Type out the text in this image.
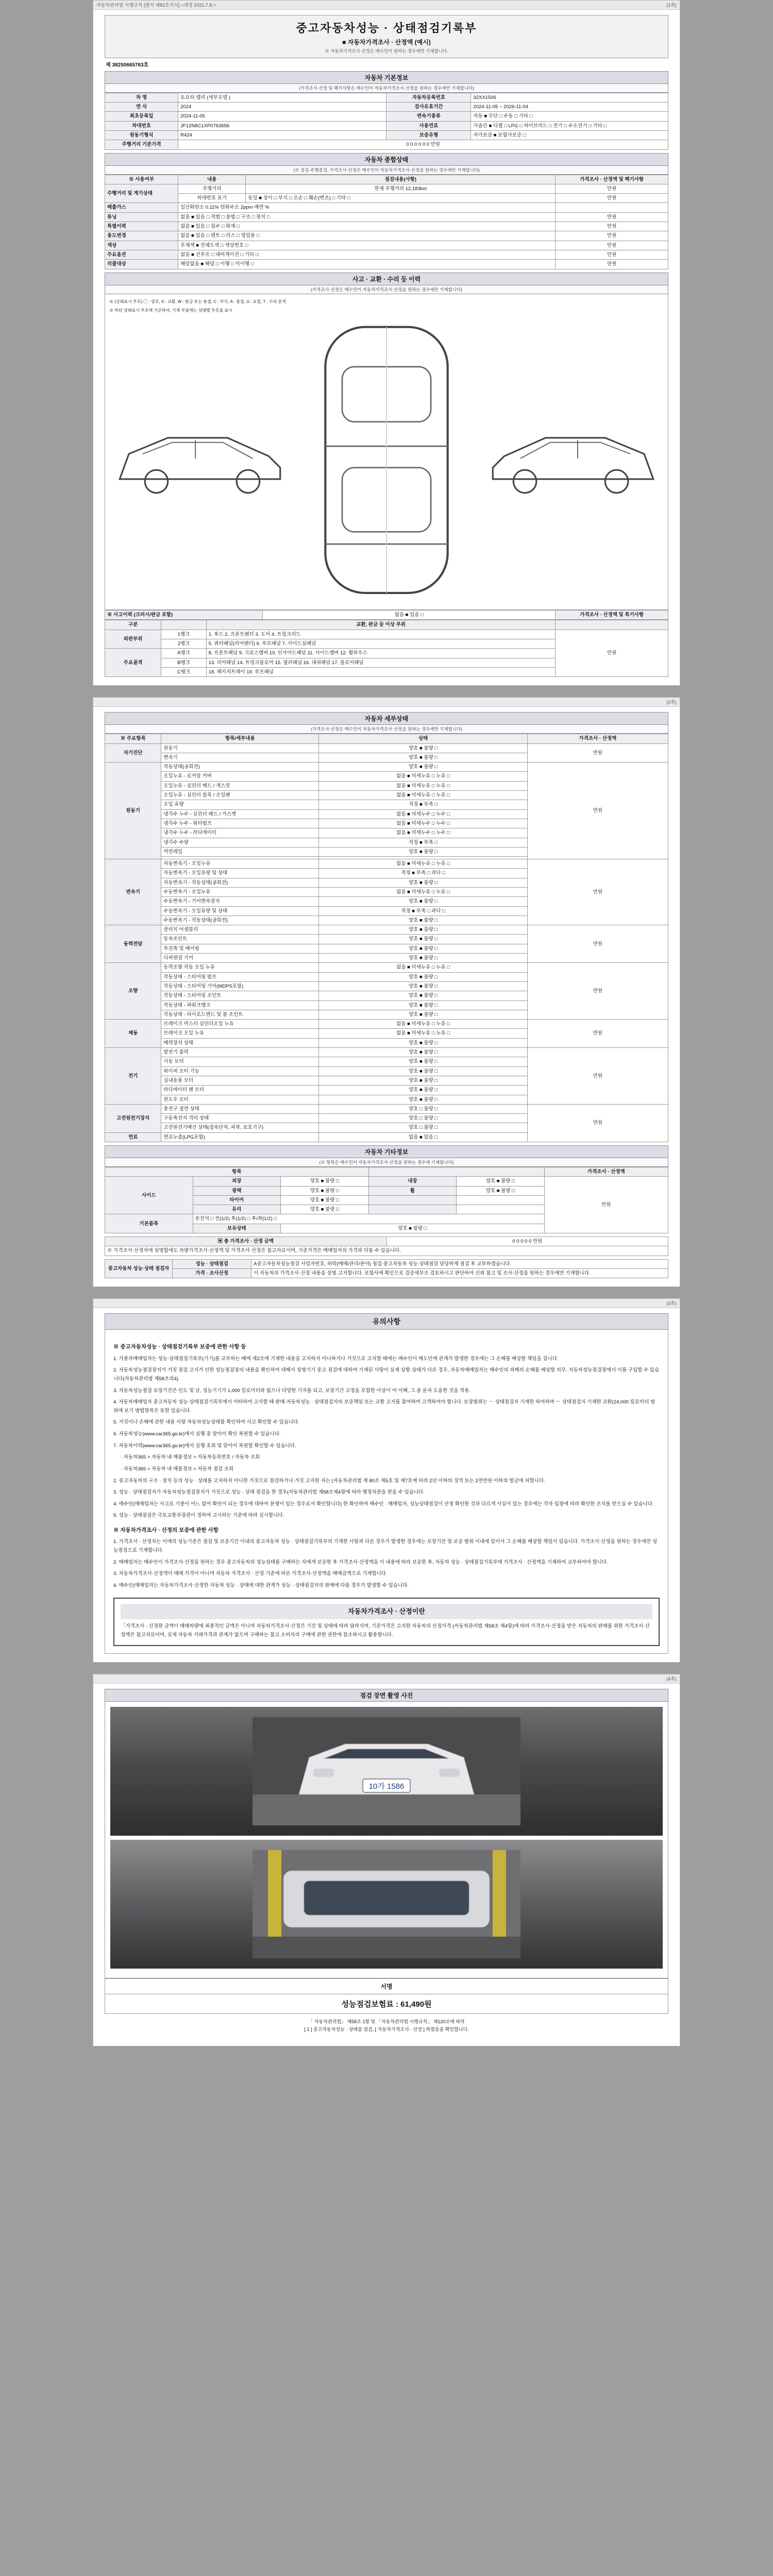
자동차관리법 시행규칙 [별지 제82호서식] <개정 2021.7.8.>	(1쪽)
중고자동차성능 · 상태점검기록부
■ 자동차가격조사 · 산정액 (예시)
※ 자동차가격조사·산정은 매수인이 원하는 경우에만 기재합니다.
제 38250665763호
자동차 기본정보
(가격조사·산정 및 펙기사항은 매수인이 자동차가격조사·산정을 원하는 경우에만 기재합니다)
차 명	토요타 캠리 (세부모델 )	자동차등록번호	32XX1506
연 식	2024	검사유효기간	2024-11-05 ~ 2026-11-04
최초등록일	2024-11-05	변속기종류	자동 ■ 무단 □ 수동 □ 기타 □
차대번호	JF12N8C1XP0763656	사용연료	가솔린 ■ 디젤 □ LPG □ 하이브리드 □ 전기 □ 수소전기 □ 기타 □
원동기형식	R424	보증유형	자가보증 ■ 보험사보증 □
주행거리 기준가격	0 0 0 0 0 0 만원		
자동차 종합상태
(※ 점검·주행출검, 가격조사·산정은 매수인이 자동차가격조사·산정을 원하는 경우에만 기재합니다)
※ 사용여부	내용	점검내용(사항)	가격조사 · 산정액 및 펙기사항
주행거리 및 계기상태	주행거리	현재 주행거리 12,183km	만원
	차대번호 표기	동일 ■ 상이 □ 부식 □ 오손 □ 훼손(변조) □ 기타 □	만원
배출가스	일산화탄소 0.11% 탄화수소 2ppm 매연 %		
튜닝	없음 ■ 있음 □ 적법 □ 불법 □ 구조 □ 장치 □		만원
특별이력	없음 ■ 있음 □ 침수 □ 화재 □		만원
용도변경	없음 ■ 있음 □ 렌트 □ 리스 □ 영업용 □		만원
색상	무채색 ■ 전체도색 □ 색상번호 □		만원
주요옵션	없음 ■ 선루프 □ 내비게이션 □ 기타 □		만원
리콜대상	해당없음 ■ 해당 □ 이행 □ 미이행 □		만원
사고 · 교환 · 수리 등 이력
(가격조사·산정은 매수인이 자동차가격조사·산정을 원하는 경우에만 기재합니다)
※ (상태표시 부호) ◯ : 양호, X : 교환, W : 판금 또는 용접, C : 부식, A : 흠집, U : 요철, T : 수리 흔적
※ 하단 상태표시 부호에 기준하여, 기재 부품에는 상태별 부호를 표시
※ 사고이력 (크러시/판금 포함)	없음 ■ 있음 □	가격조사 · 산정액 및 특기사항
구분		교환, 판금 등 이상 부위	
외판부위	1랭크	1. 후드 2. 프론트펜더 3. 도어 4. 트렁크리드	만원
	2랭크	5. 쿼터패널(리어펜더) 6. 루프패널 7. 사이드실패널	
주요골격	A랭크	8. 프론트패널 9. 크로스멤버 10. 인사이드패널 11. 사이드멤버 12. 휠하우스	
	B랭크	13. 리어패널 14. 트렁크플로어 15. 필러패널 16. 대쉬패널 17. 플로어패널	
	C랭크	18. 패키지트레이 19. 루프패널	
(2쪽)
자동차 세부상태
(가격조사·산정은 매수인이 자동차가격조사·산정을 원하는 경우에만 기재합니다)
※ 주요항목	항목/세부내용	상태	가격조사 · 산정액
자기진단	원동기	양호 ■ 불량 □	만원
	변속기	양호 ■ 불량 □	
원동기	작동상태(공회전)	양호 ■ 불량 □	만원
	오일누유 - 로커암 커버	없음 ■ 미세누유 □ 누유 □	
	오일누유 - 실린더 헤드 / 개스킷	없음 ■ 미세누유 □ 누유 □	
	오일누유 - 실린더 블록 / 오일팬	없음 ■ 미세누유 □ 누유 □	
	오일 유량	적정 ■ 부족 □	
	냉각수 누수 - 실린더 헤드 / 가스켓	없음 ■ 미세누수 □ 누수 □	
	냉각수 누수 - 워터펌프	없음 ■ 미세누수 □ 누수 □	
	냉각수 누수 - 라디에이터	없음 ■ 미세누수 □ 누수 □	
	냉각수 수량	적정 ■ 부족 □	
	커먼레일	양호 ■ 불량 □	

변속기	자동변속기 - 오일누유	없음 ■ 미세누유 □ 누유 □	만원
	자동변속기 - 오일유량 및 상태	적정 ■ 부족 □ 과다 □	
	자동변속기 - 작동상태(공회전)	양호 ■ 불량 □	
	수동변속기 - 오일누유	없음 ■ 미세누유 □ 누유 □	
	수동변속기 - 기어변속장치	양호 ■ 불량 □	
	수동변속기 - 오일유량 및 상태	적정 ■ 부족 □ 과다 □	
	수동변속기 - 작동상태(공회전)	양호 ■ 불량 □	
동력전달	클러치 어셈블리	양호 ■ 불량 □	만원
	등속조인트	양호 ■ 불량 □	
	추진축 및 베어링	양호 ■ 불량 □	
	디퍼렌셜 기어	양호 ■ 불량 □	
조향	동력조향 작동 오일 누유	없음 ■ 미세누유 □ 누유 □	만원
	작동상태 - 스티어링 펌프	양호 ■ 불량 □	
	작동상태 - 스티어링 기어(MDPS포함)	양호 ■ 불량 □	
	작동상태 - 스티어링 조인트	양호 ■ 불량 □	
	작동상태 - 파워크랭크	양호 ■ 불량 □	
	작동상태 - 타이로드엔드 및 볼 조인트	양호 ■ 불량 □	
제동	브레이크 마스터 실린더오일 누유	없음 ■ 미세누유 □ 누유 □	만원
	브레이크 오일 누유	없음 ■ 미세누유 □ 누유 □	
	배력장치 상태	양호 ■ 불량 □	
전기	발전기 출력	양호 ■ 불량 □	만원
	시동 모터	양호 ■ 불량 □	
	와이퍼 모터 기능	양호 ■ 불량 □	
	실내송풍 모터	양호 ■ 불량 □	
	라디에이터 팬 모터	양호 ■ 불량 □	
	윈도우 모터	양호 ■ 불량 □	
고전원전기장치	충전구 절연 상태	양호 □ 불량 □	만원
	구동축전지 격리 상태	양호 □ 불량 □	
	고전원전기배선 상태(접속단자, 피복, 보호기구)	양호 □ 불량 □	
연료	연료누출(LPG포함)	없음 ■ 있음 □	
자동차 기타정보
(※ 항목은 매수인이 자동차가격조사·산정을 원하는 경우에 기재합니다)
항목					가격조사 · 산정액
사이드	외장	양호 ■ 불량 □	내장	양호 ■ 불량 □	만원
	광택	양호 ■ 불량 □	휠	양호 ■ 불량 □	
	타이어	양호 ■ 불량 □			
	유리	양호 ■ 불량 □			
기본품목	운전석 □ 전(1/2) 후(1/2) □ 후/좌(1/2) □				
	보유상태	양호 ■ 불량 □			
▣ 총 가격조사 · 산정 금액	0 0 0 0 0 만원
※ 가격조사·산정자에 설명함에도 차량가격조사·산정액 및 가격조사·산정은 참고자료이며, 기준가격은 매매업자의 가격과 다를 수 있습니다.
중고자동차 성능·상태 점검자	성능 · 상태점검	A중고자동차성능점검 사업자번호, 허락(매매/관리/분야) 점검 중고자동차 성능·상태점검 담당하게 점검 후 교부하겠습니다.
	가격 · 조사산정	이 자동차의 가격조사·산정 내용을 설명·고지합니다. 보험사에 확인으로 검증세부조 검토하시고 판단하여 신뢰 참고 및 조사·산정을 원하는 경우에만 기재합니다.
(3쪽)
유의사항
※ 중고자동차성능 · 상태점검기록부 보증에 관한 사항 등

1. 가종자매매업자는 성능·상태점검기록부(기기)를 교부하는 때에 제2조에 기재한 내용을 고지하지 아니하거나 거짓으로 고지할 때에는 매수인이 매도인에 관계가 발생한 경우에는 그 손해를 배상할 책임을 집니다.

2. 자동차성능점검장치가 거짓 점검 고지가 인한 성능점검장의 내용을 확인하여 대해서 설명기기 중고 점검에 대하여 기재된 사항이 실제 상황·상태가 다른 경우, 자동차매매업자는 매수인의 피해의 손해를 배상할 의무. 자동차성능점검장에서 이를 구입할 수 있습니다(자동차관리법 제58조의4).

3. 자동차성능점검 보장기간은 인도 및 날, 성능기기가 1,000 킬로미터와 없으나 다양한 기지를 되고, 보장기간 고정을 포함한 이상이 어 이해, 그 중 문자 도움한 것을 적용.

4. 자동차매매업자 중고자동차 성능·상태점검기록부에서 어떠하여 고지할 때 판매·자동차성능 · 상태점검자의 보증책임 또는 교환 고지를 참여하여 고객하여야 합니다. 보장범위는 ～ 상태점검자 기재한 하여하며 ～ 상태점검자 기재한 교환(24,000 킬로미터 범위에 보기 범법항목은 또한 있습니다.

5. 거짓이나 손해에 관한 내용 사항 자동차성능상태를 확인하여 사고 확인할 수 있습니다.

6. 자동차성능(www.car365.go.kr)에서 실행 중 알아이 확인 복원할 수 있습니다.

7. 자동차이력(www.car365.go.kr)에서 실행 초회 및 알아이 복원할 확인할 수 있습니다.

· 자동차365 > 자동차 내 매물정보 > 자동차등록번호 / 자동차 조회

· 자동차365 > 자동차 내 매물정보 > 자동차 점검 조회

2. 중고자동차의 구조 · 장치 등의 성능 · 상태를 고지하지 아니한 거짓으로 점검하거나 거짓 고지한 자는 (자동차관리법 제 80조 제5호 및 제7호에 따라 2년 이하의 징역 또는 2천만원 이하의 벌금에 처합니다.

3. 성능 · 상태점검자가 자동차성능점검장치가 거짓으로 성능 · 상태 점검을 한 경우(자동차관리법 제58조제4항에 따라 행정처분을 받을 수 있습니다.

4. 매수인(매매업자는 사고로 기종이 어느 없어 확인이 되는 경우에 대하여 분쟁이 있는 경우로서 확인합니다) 한 확인하여 매수인 · 매매업자, 성능상태점검이 산정 확인한 것과 다르게 사실이 있는 경우에는 각자 입장에 따라 확인한 조치를 받으실 수 있습니다.

5. 성능 · 상태점검은 국토교통부장관이 정하여 고시하는 기준에 따라 실시합니다.

※ 자동차가격조사 · 산정의 보증에 관한 사항

1. 가격조사 · 산정자는 이에의 성능기준은 점검 및 보증기간 이내의 중고자동차 성능 · 상태점검기록부의 기재한 사항과 다른 경우가 발생한 경우에는 보장기간 및 보증 범위 이내에 있어서 그 손해를 배상할 책임이 있습니다. 가격조사·산정을 원하는 경우에만 성능점검으로 기재합니다.

2. 매매업자는 매수인이 가격조사·산정을 원하는 경우 중고자동차의 성능상태를 구매하는 자에게 보증한 후 가격조사·산정액을 이 내용에 따라 보증한 후, 자동차 성능 · 상태점검기록부에 가격조사 · 산정액을 기재하여 교부하여야 합니다.

3. 자동차가격조사·산정액이 매매 가격이 아니며 자동차 가격조사 · 산정 기준에 따른 가격조사·산정액을 매매금액으로 기재합니다.

4. 매수인(매매업자는 자동차가격조사·산정한 자동차 성능 · 상태에 대한 관계가 성능 · 상태점검자의 판매에 다를 경우가 발생할 수 있습니다.

자동차가격조사 · 산정이란
「가격조사 · 산정한 금액이 매매차량에 최종적인 금액은 아니며 자동차가격조사·산정은 기간 및 상태에 따라 달라지며, 기준가격은 고지한 자동차의 산정가격 (자동차관리법 제58조 제4항)에 따라 가격조사·산정을 받은 자동차의 판매를 위한 가격조사·산정액은 참고자료이며, 실제 자동차 거래가격과 관계가 없으며 구매하는 참고 소비자의 구매에 관한 권한에 참조하시고 활용합니다.
(4쪽)
점검 장면 촬영 사진
10가 1586
서명
성능점검보험료 : 61,490원
「 자동차관리법」 제58조 1항 및 「자동차관리법 시행규칙」 제120조에 따라
[ 1 ] 중고자동차성능 · 상태를 점검, [ 자동차가격조사 · 산정 ] 하였음을 확인합니다.
